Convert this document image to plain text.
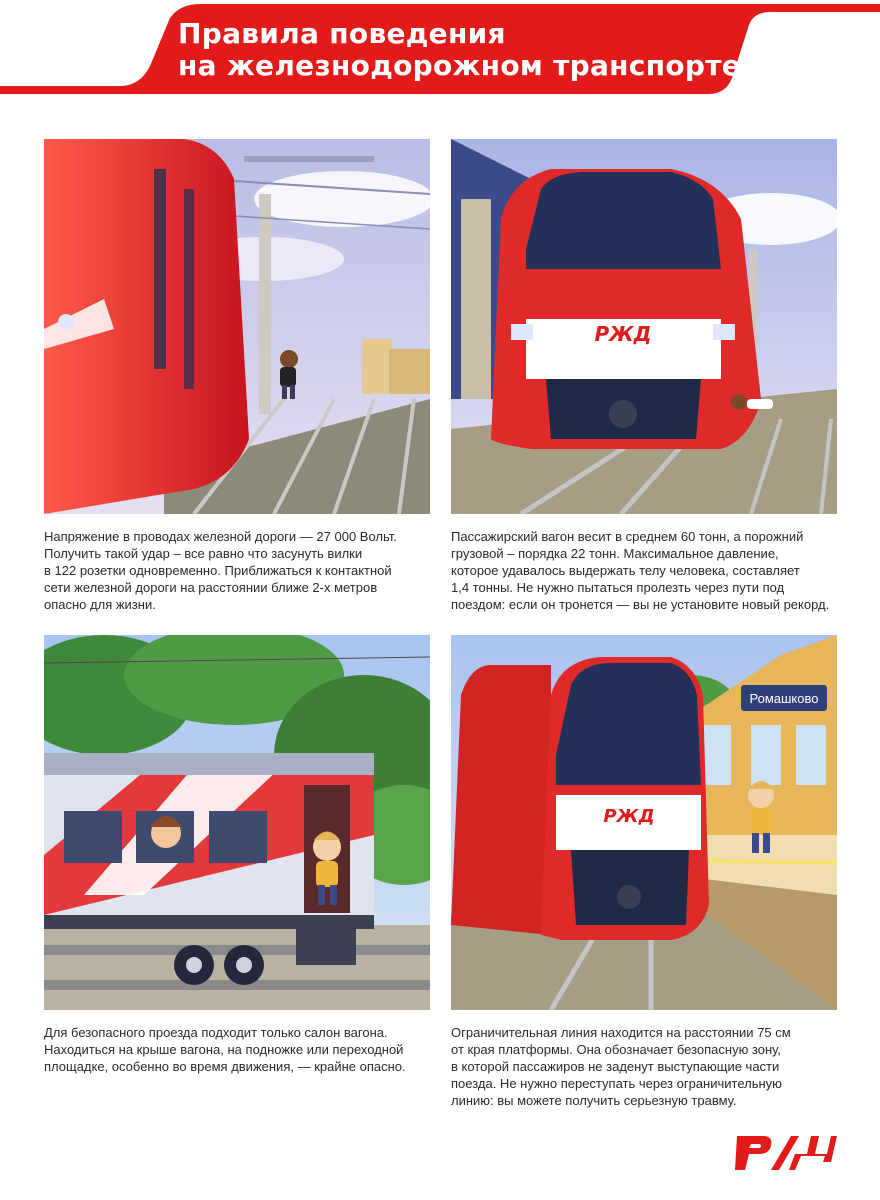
Правила поведения
на железнодорожном транспорте
Напряжение в проводах железной дороги — 27 000 Вольт.
Получить такой удар – все равно что засунуть вилки
в 122 розетки одновременно. Приближаться к контактной
сети железной дороги на расстоянии ближе 2-х метров
опасно для жизни.
РЖД
Пассажирский вагон весит в среднем 60 тонн, а порожний
грузовой – порядка 22 тонн. Максимальное давление,
которое удавалось выдержать телу человека, составляет
1,4 тонны. Не нужно пытаться пролезть через пути под
поездом: если он тронется — вы не установите новый рекорд.
Для безопасного проезда подходит только салон вагона.
Находиться на крыше вагона, на подножке или переходной
площадке, особенно во время движения, — крайне опасно.
Ромашково
РЖД
Ограничительная линия находится на расстоянии 75 см
от края платформы. Она обозначает безопасную зону,
в которой пассажиров не заденут выступающие части
поезда. Не нужно переступать через ограничительную
линию: вы можете получить серьезную травму.
